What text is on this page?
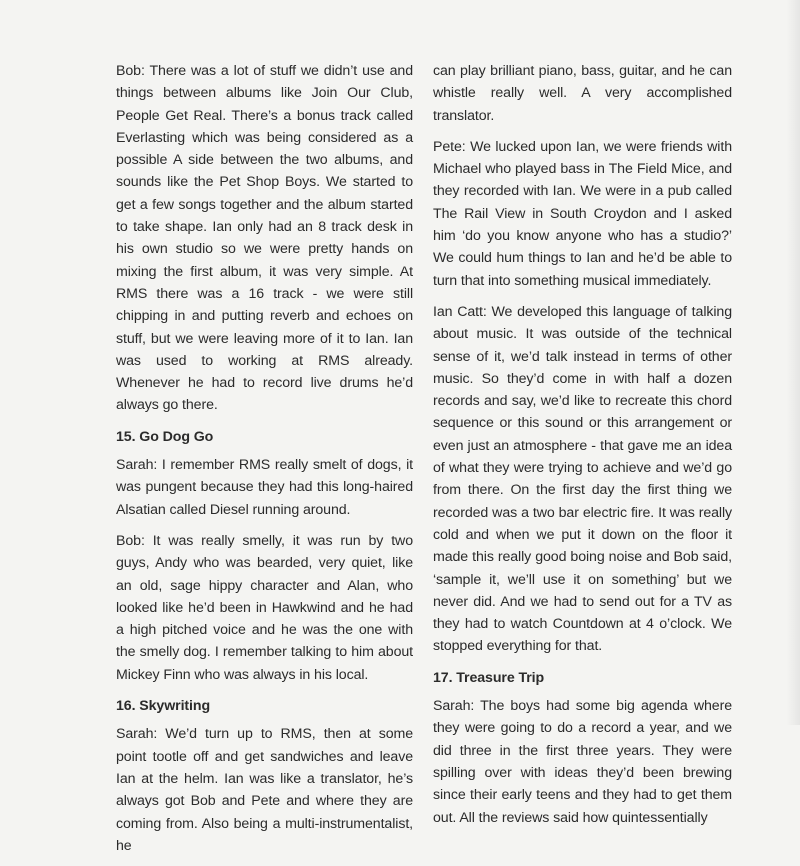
Bob: There was a lot of stuff we didn’t use and things between albums like Join Our Club, People Get Real. There’s a bonus track called Everlasting which was being considered as a possible A side between the two albums, and sounds like the Pet Shop Boys. We started to get a few songs together and the album started to take shape. Ian only had an 8 track desk in his own studio so we were pretty hands on mixing the first album, it was very simple. At RMS there was a 16 track - we were still chipping in and putting reverb and echoes on stuff, but we were leaving more of it to Ian. Ian was used to working at RMS already. Whenever he had to record live drums he’d always go there.

15. Go Dog Go

Sarah: I remember RMS really smelt of dogs, it was pungent because they had this long-haired Alsatian called Diesel running around.

Bob: It was really smelly, it was run by two guys, Andy who was bearded, very quiet, like an old, sage hippy character and Alan, who looked like he’d been in Hawkwind and he had a high pitched voice and he was the one with the smelly dog. I remember talking to him about Mickey Finn who was always in his local.

16. Skywriting

Sarah: We’d turn up to RMS, then at some point tootle off and get sandwiches and leave Ian at the helm. Ian was like a translator, he’s always got Bob and Pete and where they are coming from. Also being a multi-instrumentalist, he

can play brilliant piano, bass, guitar, and he can whistle really well. A very accomplished translator.

Pete: We lucked upon Ian, we were friends with Michael who played bass in The Field Mice, and they recorded with Ian. We were in a pub called The Rail View in South Croydon and I asked him ‘do you know anyone who has a studio?’ We could hum things to Ian and he’d be able to turn that into something musical immediately.

Ian Catt: We developed this language of talking about music. It was outside of the technical sense of it, we’d talk instead in terms of other music. So they’d come in with half a dozen records and say, we’d like to recreate this chord sequence or this sound or this arrangement or even just an atmosphere - that gave me an idea of what they were trying to achieve and we’d go from there. On the first day the first thing we recorded was a two bar electric fire. It was really cold and when we put it down on the floor it made this really good boing noise and Bob said, ‘sample it, we’ll use it on something’ but we never did. And we had to send out for a TV as they had to watch Countdown at 4 o’clock. We stopped everything for that.

17. Treasure Trip

Sarah: The boys had some big agenda where they were going to do a record a year, and we did three in the first three years. They were spilling over with ideas they’d been brewing since their early teens and they had to get them out. All the reviews said how quintessentially
